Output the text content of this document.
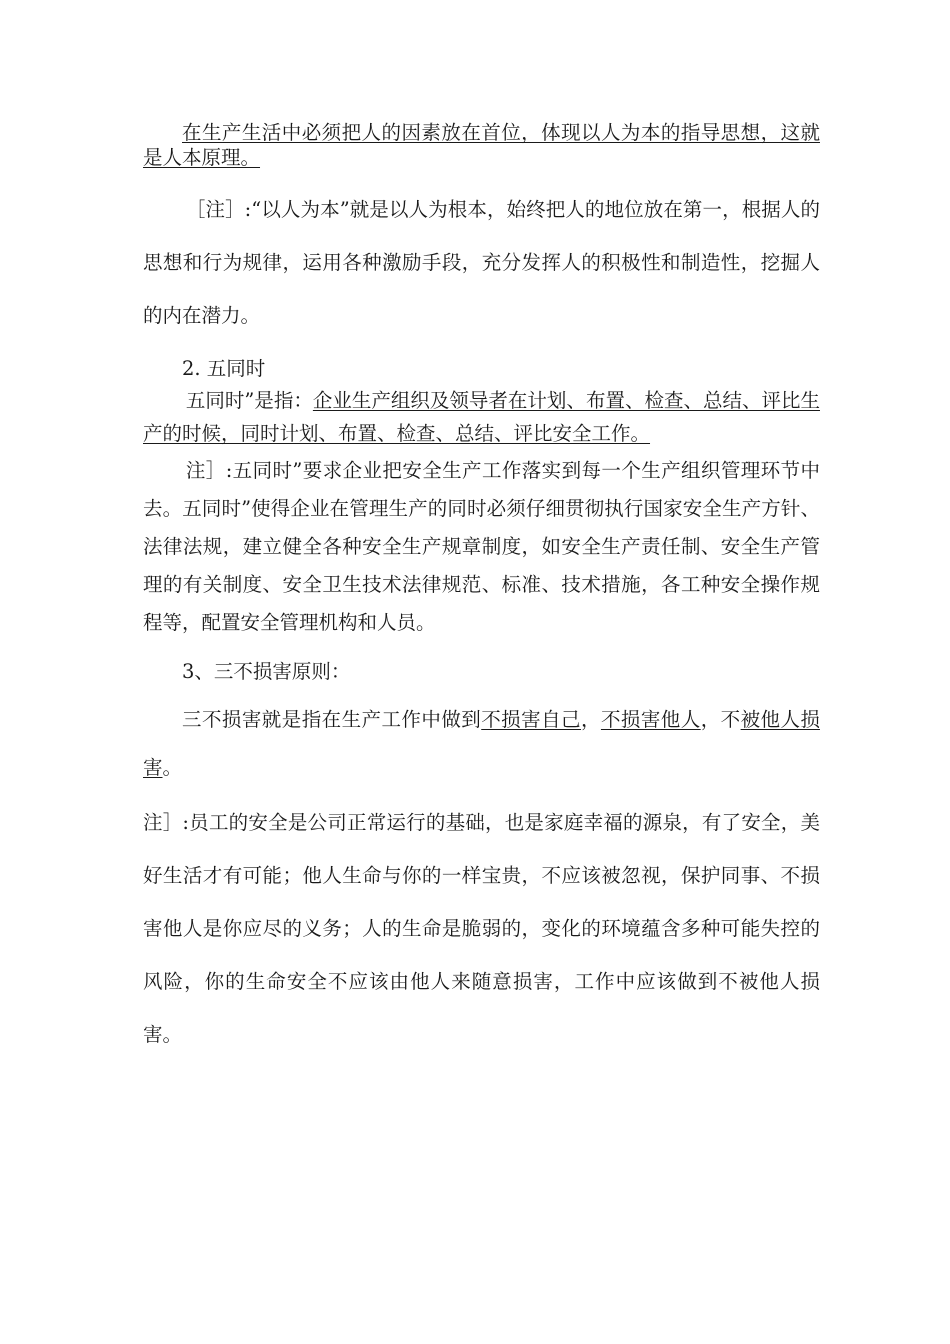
在生产生活中必须把人的因素放在首位，体现以人为本的指导思想，这就是人本原理。

［注］:“以人为本”就是以人为根本，始终把人的地位放在第一，根据人的思想和行为规律，运用各种激励手段，充分发挥人的积极性和制造性，挖掘人的内在潜力。

2. 五同时

五同时”是指：企业生产组织及领导者在计划、布置、检查、总结、评比生产的时候，同时计划、布置、检查、总结、评比安全工作。

注］:五同时”要求企业把安全生产工作落实到每一个生产组织管理环节中去。五同时”使得企业在管理生产的同时必须仔细贯彻执行国家安全生产方针、法律法规，建立健全各种安全生产规章制度，如安全生产责任制、安全生产管理的有关制度、安全卫生技术法律规范、标准、技术措施，各工种安全操作规程等，配置安全管理机构和人员。

3、三不损害原则：

三不损害就是指在生产工作中做到不损害自己，不损害他人，不被他人损害。

注］:员工的安全是公司正常运行的基础，也是家庭幸福的源泉，有了安全，美好生活才有可能；他人生命与你的一样宝贵，不应该被忽视，保护同事、不损害他人是你应尽的义务；人的生命是脆弱的，变化的环境蕴含多种可能失控的风险，你的生命安全不应该由他人来随意损害，工作中应该做到不被他人损害。
